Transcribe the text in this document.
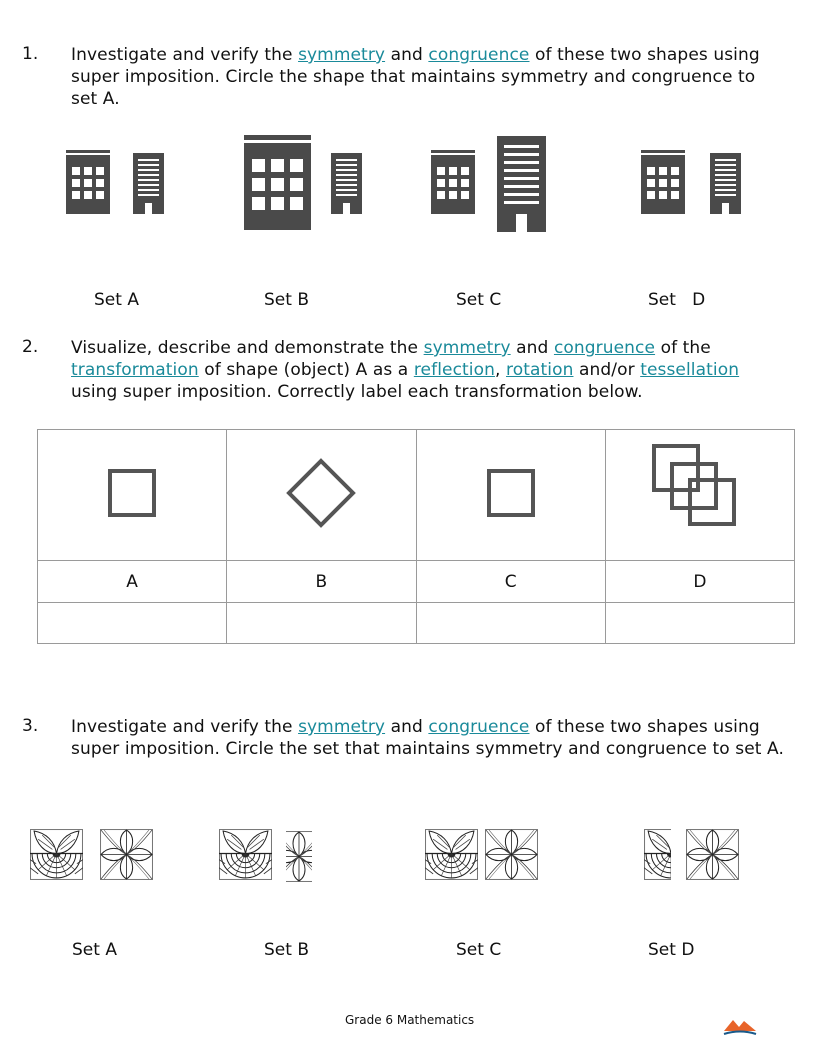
1. Investigate and verify the symmetry and congruence of these two shapes using
super imposition. Circle the shape that maintains symmetry and congruence to
set A.
Set A	Set B	Set C	Set   D
2. Visualize, describe and demonstrate the symmetry and congruence of the
transformation of shape (object) A as a reflection, rotation and/or tessellation
using super imposition. Correctly label each transformation below.

A	B	C	D

3. Investigate and verify the symmetry and congruence of these two shapes using
super imposition. Circle the set that maintains symmetry and congruence to set A.
Set A	Set B	Set C	Set D
Grade 6 Mathematics
